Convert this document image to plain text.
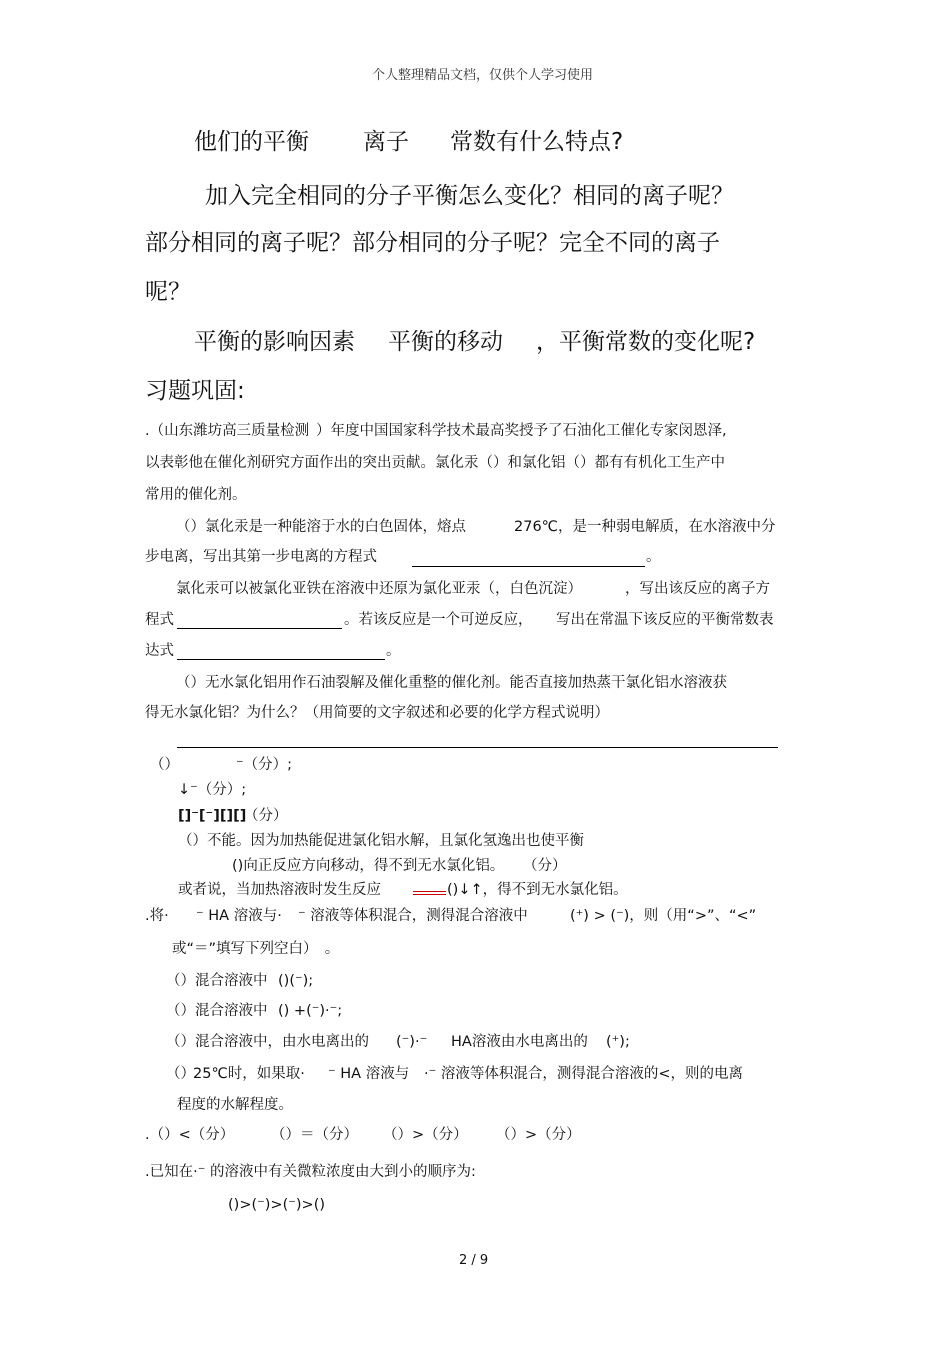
个人整理精品文档，仅供个人学习使用
他们的平衡 离子 常数有什么特点?
加入完全相同的分子平衡怎么变化？相同的离子呢？
部分相同的离子呢？部分相同的分子呢？完全不同的离子
呢？
平衡的影响因素 平衡的移动 ，平衡常数的变化呢?
习题巩固:
.（山东潍坊高三质量检测 ）年度中国国家科学技术最高奖授予了石油化工催化专家闵恩泽,
以表彰他在催化剂研究方面作出的突出贡献。氯化汞（）和氯化铝（）都有有机化工生产中
常用的催化剂。
（）氯化汞是一种能溶于水的白色固体，熔点	276℃，是一种弱电解质，在水溶液中分
步电离，写出其第一步电离的方程式	。
氯化汞可以被氯化亚铁在溶液中还原为氯化亚汞（，白色沉淀）	，写出该反应的离子方
程式	。若该反应是一个可逆反应， 写出在常温下该反应的平衡常数表
达式	。
（）无水氯化铝用作石油裂解及催化重整的催化剂。能否直接加热蒸干氯化铝水溶液获
得无水氯化铝？为什么？（用简要的文字叙述和必要的化学方程式说明）
（）	⁻（分）;
↓⁻（分）;
[]⁻[⁻][][]
（分）
（）不能。因为加热能促进氯化铝水解，且氯化氢逸出也使平衡
()向正反应方向移动，得不到无水氯化铝。 （分）
或者说，当加热溶液时发生反应	()↓↑，得不到无水氯化铝。
.将· ⁻ HA 溶液与· ⁻ 溶液等体积混合，测得混合溶液中	(⁺) > (⁻)，则（用“>”、“<”
或“＝”填写下列空白）　。
（）混合溶液中 ()(⁻);
（）混合溶液中 () +(⁻)·⁻;
（）混合溶液中，由水电离出的 (⁻)·⁻ HA溶液由水电离出的 (⁺);
（）
25℃时，如果取· ⁻ HA 溶液与 ·⁻ 溶液等体积混合，测得混合溶液的<，则的电离
程度的水解程度。
.（）<（分）	（）＝（分） （）>（分） （）>（分）
.已知在·⁻ 的溶液中有关微粒浓度由大到小的顺序为:
()>(⁻)>(⁻)>()
2 / 9
